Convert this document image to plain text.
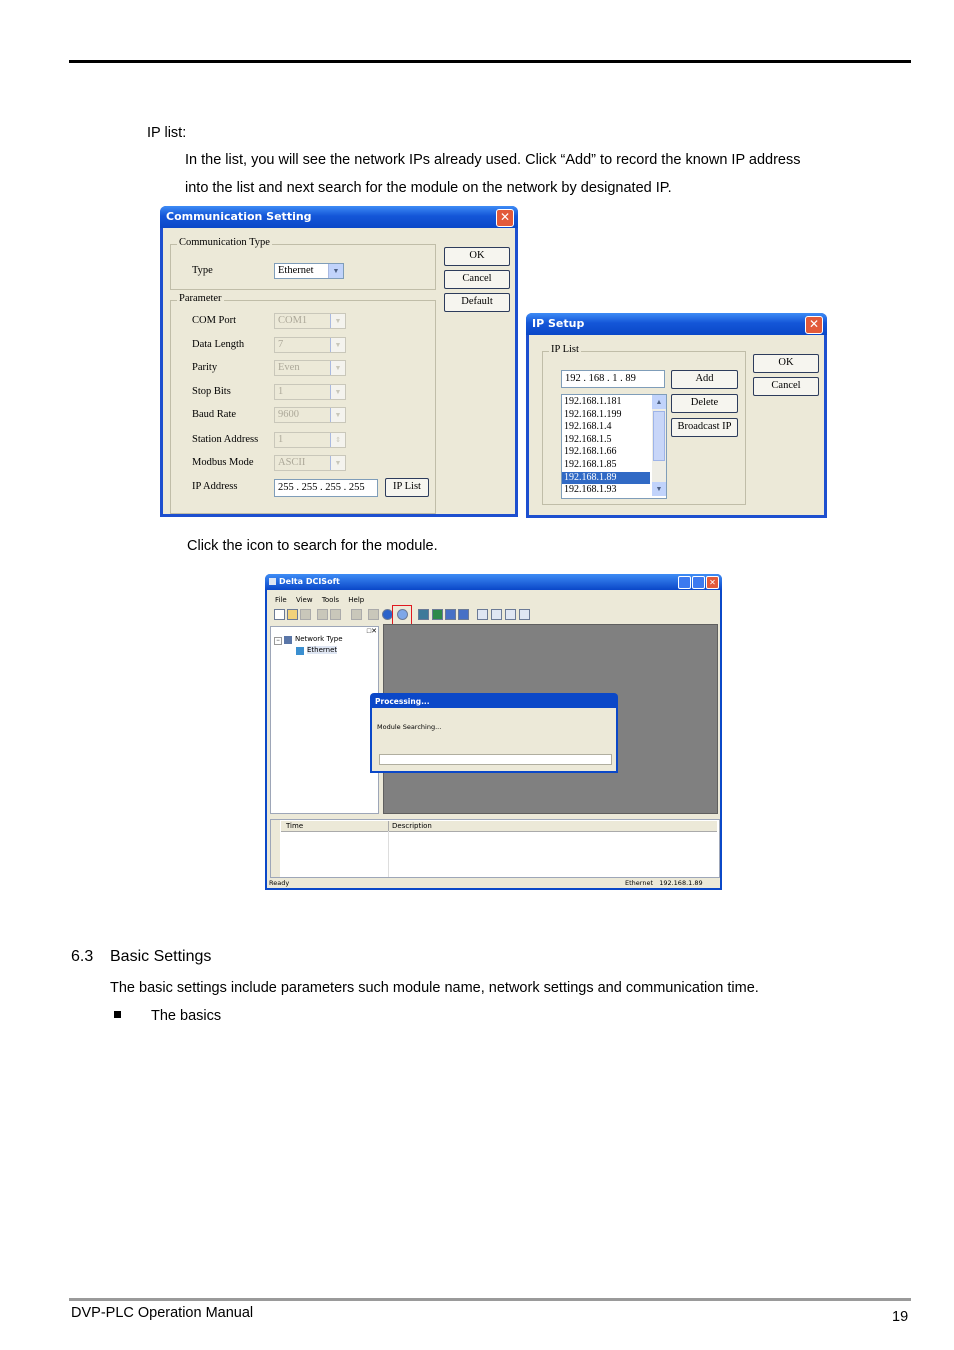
IP list:
In the list, you will see the network IPs already used. Click “Add” to record the known IP address
into the list and next search for the module on the network by designated IP.
Communication Setting	✕
Communication Type
Type	Ethernet	▼
Parameter
COM Port	COM1	▼
Data Length	7	▼
Parity	Even	▼
Stop Bits	1	▼
Baud Rate	9600	▼
Station Address	1	⇕
Modbus Mode	ASCII	▼
IP Address	255 . 255 . 255 . 255	IP List
OK
Cancel
Default
IP Setup	✕
IP List
192 . 168 . 1 . 89
192.168.1.181
192.168.1.199
192.168.1.4
192.168.1.5
192.168.1.66
192.168.1.85
192.168.1.89
192.168.1.93
▲
▼
Add
Delete
Broadcast IP
OK
Cancel
Click the icon to search for the module.
Delta DCISoft	✕
File View Tools Help
□✕
−	Network Type
Ethernet
Processing...
Module Searching...
Time	Description
Ready	Ethernet   192.168.1.89
6.3 Basic Settings
The basic settings include parameters such module name, network settings and communication time.
The basics
DVP-PLC Operation Manual	19
